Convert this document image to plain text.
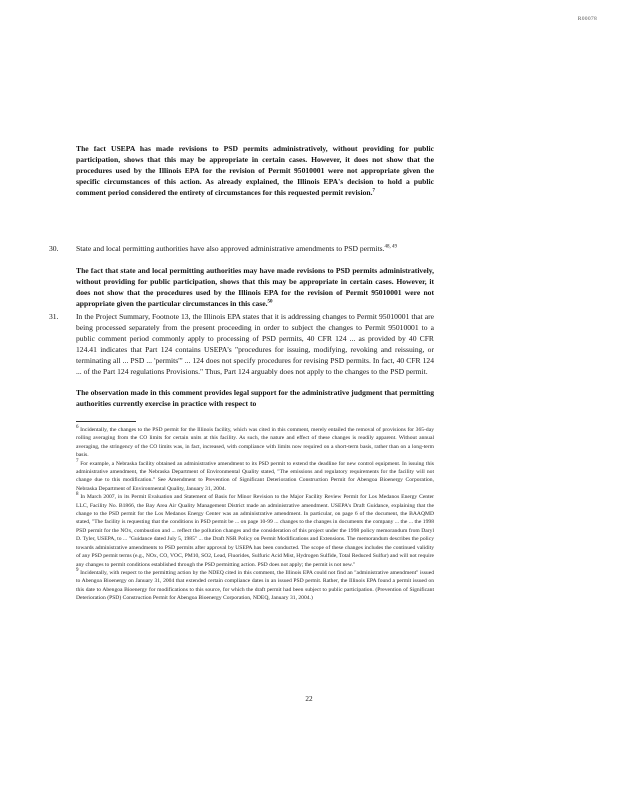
R00078
The fact USEPA has made revisions to PSD permits administratively, without providing for public participation, shows that this may be appropriate in certain cases. However, it does not show that the procedures used by the Illinois EPA for the revision of Permit 95010001 were not appropriate given the specific circumstances of this action. As already explained, the Illinois EPA's decision to hold a public comment period considered the entirety of circumstances for this requested permit revision.$^7$
30. State and local permitting authorities have also approved administrative amendments to PSD permits.$^{48, 49}$

The fact that state and local permitting authorities may have made revisions to PSD permits administratively, without providing for public participation, shows that this may be appropriate in certain cases. However, it does not show that the procedures used by the Illinois EPA for the revision of Permit 95010001 were not appropriate given the particular circumstances in this case.$^{50}$

31. In the Project Summary, Footnote 13, the Illinois EPA states that it is addressing changes to Permit 95010001 that are being processed separately from the present proceeding in order to subject the changes to Permit 95010001 to a public comment period commonly apply to processing of PSD permits, 40 CFR 124 ... as provided by 40 CFR 124.41 indicates that Part 124 contains USEPA's "procedures for issuing, modifying, revoking and reissuing, or terminating all ... PSD ... 'permits'" ... 124 does not specify procedures for revising PSD permits. In fact, 40 CFR 124 ... of the Part 124 regulations Provisions." Thus, Part 124 arguably does not apply to the changes to the PSD permit.

The observation made in this comment provides legal support for the administrative judgment that permitting authorities currently exercise in practice with respect to

$^6$ Incidentally, the changes to the PSD permit for the Illinois facility, which was cited in this comment, merely entailed the removal of provisions for 365-day rolling averaging from the CO limits for certain units at this facility. As such, the nature and effect of these changes is readily apparent. Without annual averaging, the stringency of the CO limits was, in fact, increased, with compliance with limits now required on a short-term basis, rather than on a long-term basis.

$^7$ For example, a Nebraska facility obtained an administrative amendment to its PSD permit to extend the deadline for new control equipment. In issuing this administrative amendment, the Nebraska Department of Environmental Quality stated, "The emissions and regulatory requirements for the facility will not change due to this modification." See Amendment to Prevention of Significant Deterioration Construction Permit for Abengoa Bioenergy Corporation, Nebraska Department of Environmental Quality, January 31, 2004.

$^8$ In March 2007, in its Permit Evaluation and Statement of Basis for Minor Revision to the Major Facility Review Permit for Los Medanos Energy Center LLC, Facility No. B1866, the Bay Area Air Quality Management District made an administrative amendment. USEPA's Draft Guidance, explaining that the change to the PSD permit for the Los Medanos Energy Center was an administrative amendment. In particular, on page 6 of the document, the BAAQMD stated, "The facility is requesting that the conditions in PSD permit be ... on page 10-99 ... changes to the changes in documents the company ... the ... the 1998 PSD permit for the NOx, combustion and ... reflect the pollution changes and the consideration of this project under the 1998 policy memorandum from Daryl D. Tyler, USEPA, to ... "Guidance dated July 5, 1985" ... the Draft NSR Policy on Permit Modifications and Extensions. The memorandum describes the policy towards administrative amendments to PSD permits after approval by USEPA has been conducted. The scope of these changes includes the continued validity of any PSD permit terms (e.g., NOx, CO, VOC, PM10, SO2, Lead, Fluorides, Sulfuric Acid Mist, Hydrogen Sulfide, Total Reduced Sulfur) and will not require any changes to permit conditions established through the PSD permitting action. PSD does not apply; the permit is not new."

$^9$ Incidentally, with respect to the permitting action by the NDEQ cited in this comment, the Illinois EPA could not find an "administrative amendment" issued to Abengoa Bioenergy on January 31, 2004 that extended certain compliance dates in an issued PSD permit. Rather, the Illinois EPA found a permit issued on this date to Abengoa Bioenergy for modifications to this source, for which the draft permit had been subject to public participation. (Prevention of Significant Deterioration (PSD) Construction Permit for Abengoa Bioenergy Corporation, NDEQ, January 31, 2004.)

22
